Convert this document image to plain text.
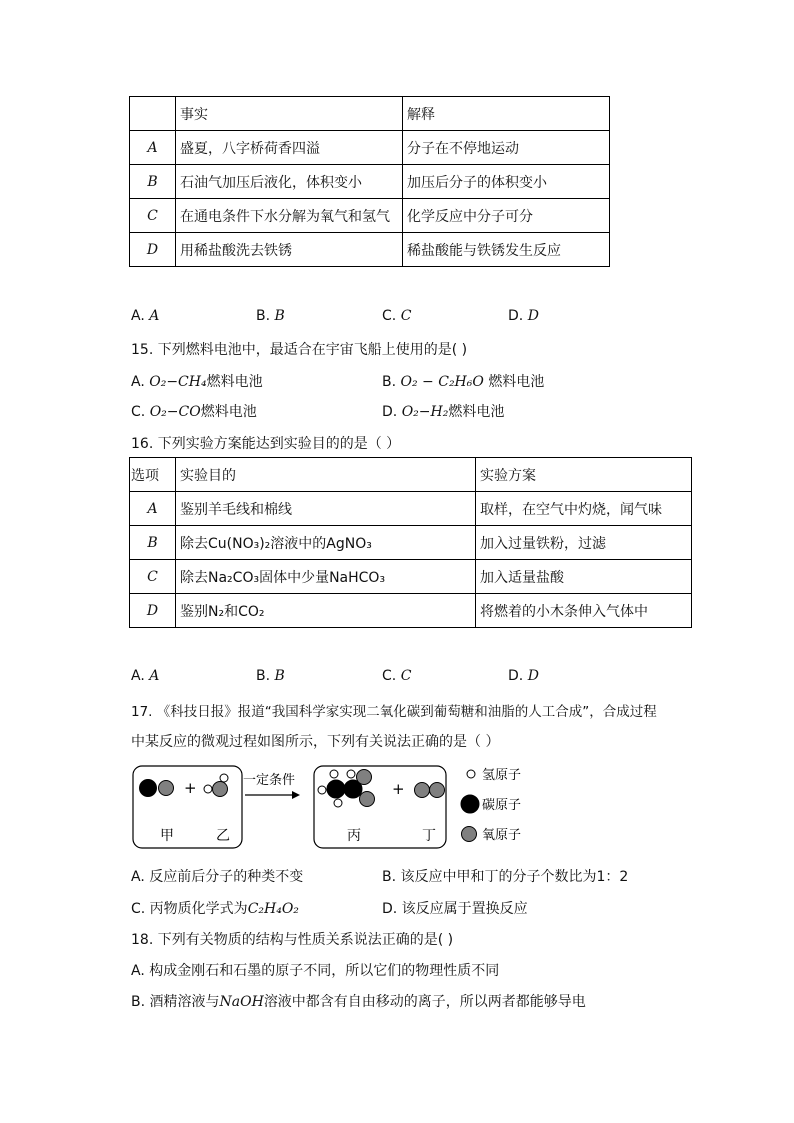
	事实	解释
A	盛夏，八字桥荷香四溢	分子在不停地运动
B	石油气加压后液化，体积变小	加压后分子的体积变小
C	在通电条件下水分解为氧气和氢气	化学反应中分子可分
D	用稀盐酸洗去铁锈	稀盐酸能与铁锈发生反应
A. A	B. B	C. C	D. D
15. 下列燃料电池中，最适合在宇宙飞船上使用的是( )
A. O₂−CH₄燃料电池	B. O₂ − C₂H₆O 燃料电池
C. O₂−CO燃料电池	D. O₂−H₂燃料电池
16. 下列实验方案能达到实验目的的是（ ）
选项	实验目的	实验方案
A	鉴别羊毛线和棉线	取样，在空气中灼烧，闻气味
B	除去Cu(NO₃)₂溶液中的AgNO₃	加入过量铁粉，过滤
C	除去Na₂CO₃固体中少量NaHCO₃	加入适量盐酸
D	鉴别N₂和CO₂	将燃着的小木条伸入气体中
A. A	B. B	C. C	D. D
17. 《科技日报》报道“我国科学家实现二氧化碳到葡萄糖和油脂的人工合成”，合成过程
中某反应的微观过程如图所示，下列有关说法正确的是（ ）
+
甲	乙
一定条件	+
丙	丁
氢原子
碳原子
氧原子
A. 反应前后分子的种类不变	B. 该反应中甲和丁的分子个数比为1：2
C. 丙物质化学式为C₂H₄O₂	D. 该反应属于置换反应
18. 下列有关物质的结构与性质关系说法正确的是( )
A. 构成金刚石和石墨的原子不同，所以它们的物理性质不同
B. 酒精溶液与NaOH溶液中都含有自由移动的离子，所以两者都能够导电
